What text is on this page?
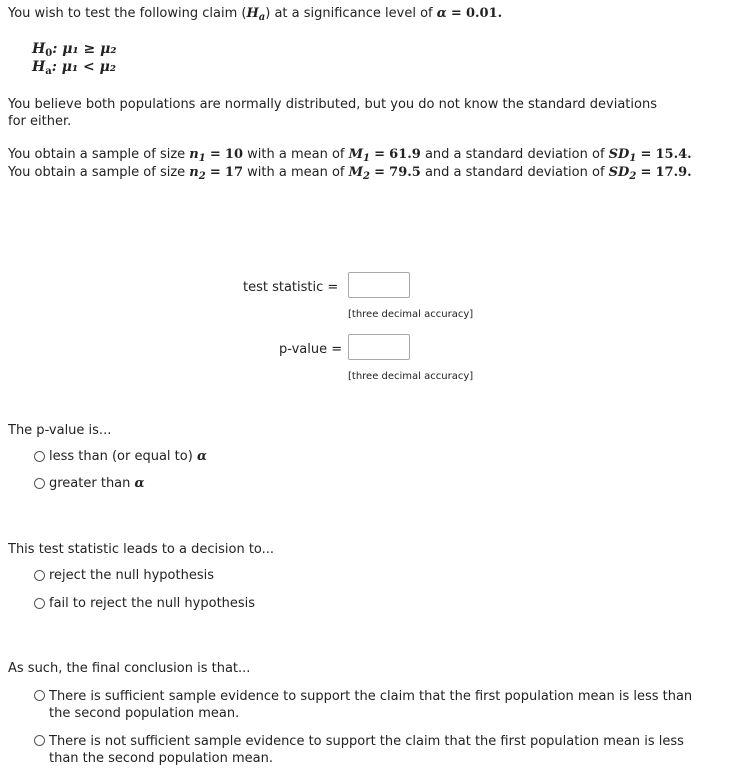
You wish to test the following claim $(H_a)$ at a significance level of α = 0.01.
$H_0$: μ₁ ≥ μ₂
$H_a$: μ₁ < μ₂
You believe both populations are normally distributed, but you do not know the standard deviations for either.
You obtain a sample of size $n_1 = 10$ with a mean of $M_1 = 61.9$ and a standard deviation of $SD_1 = 15.4$.
You obtain a sample of size $n_2 = 17$ with a mean of $M_2 = 79.5$ and a standard deviation of $SD_2 = 17.9$.
test statistic =
[three decimal accuracy]
p-value =
[three decimal accuracy]
The p-value is...
less than (or equal to)
α
greater than
α
This test statistic leads to a decision to...
reject the null hypothesis
fail to reject the null hypothesis
As such, the final conclusion is that...
There is sufficient sample evidence to support the claim that the first population mean is less than the second population mean.
There is not sufficient sample evidence to support the claim that the first population mean is less than the second population mean.
